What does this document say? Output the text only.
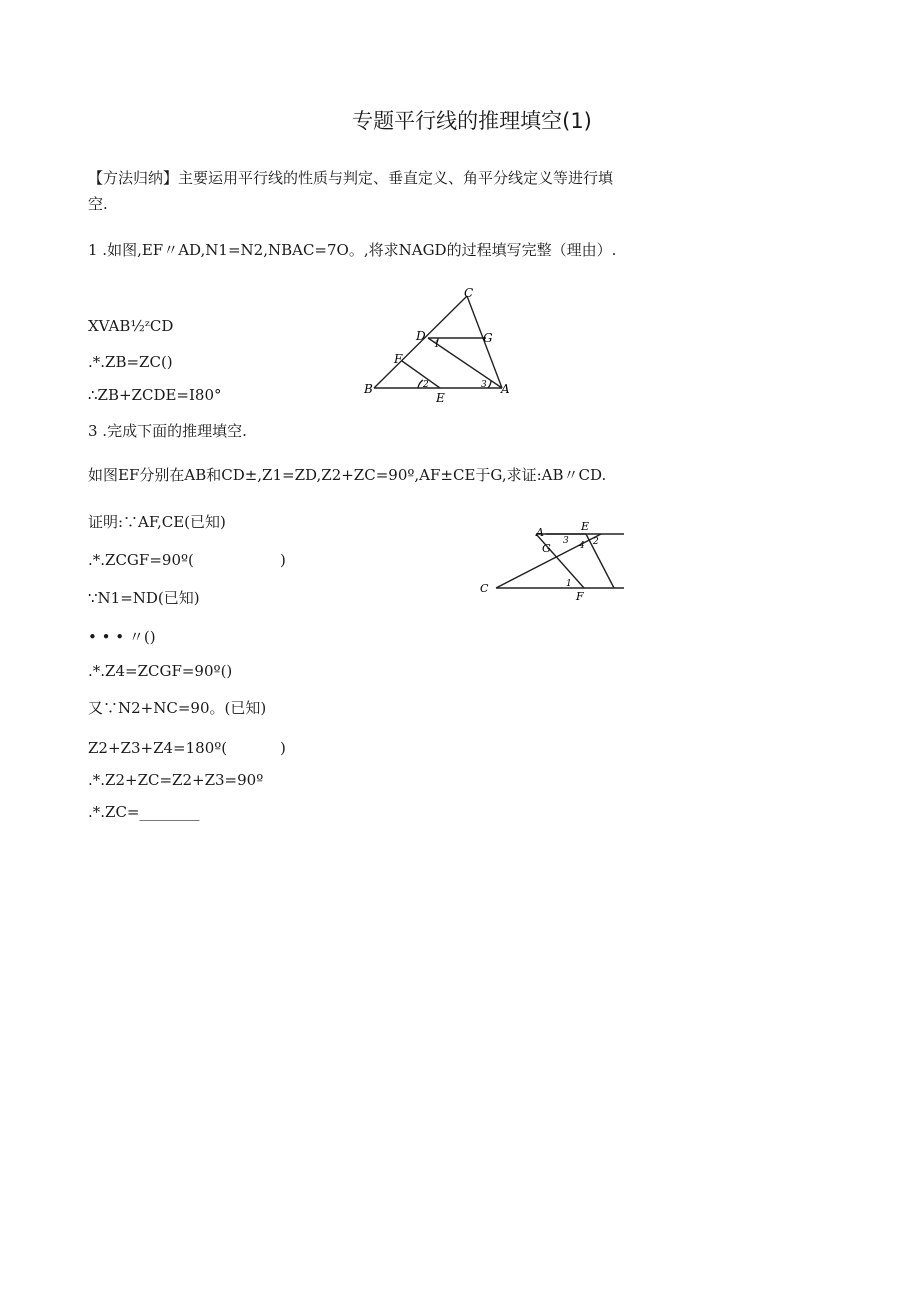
专题平行线的推理填空(1)
【方法归纳】主要运用平行线的性质与判定、垂直定义、角平分线定义等进行填
空.
1 .如图,EF〃AD,N1=N2,NBAC=7O。,将求NAGD的过程填写完整（理由）.
XVAB½ᶻCD
.*.ZB=ZC()
∴ZB+ZCDE=I80°
C
D	G
F
B
E
A
1
2	3
3 .完成下面的推理填空.
如图EF分别在AB和CD±,Z1=ZD,Z2+ZC=90º,AF±CE于G,求证:AB〃CD.
证明:∵AF,CE(已知)
.*.ZCGF=90º(	)
∵N1=ND(已知)
• • • 〃()
.*.Z4=ZCGF=90º()
又∵N2+NC=90。(已知)
Z2+Z3+Z4=180º(	)
.*.Z2+ZC=Z2+Z3=90º
.*.ZC=________
A	E
G
C
F
1
2
3 4
